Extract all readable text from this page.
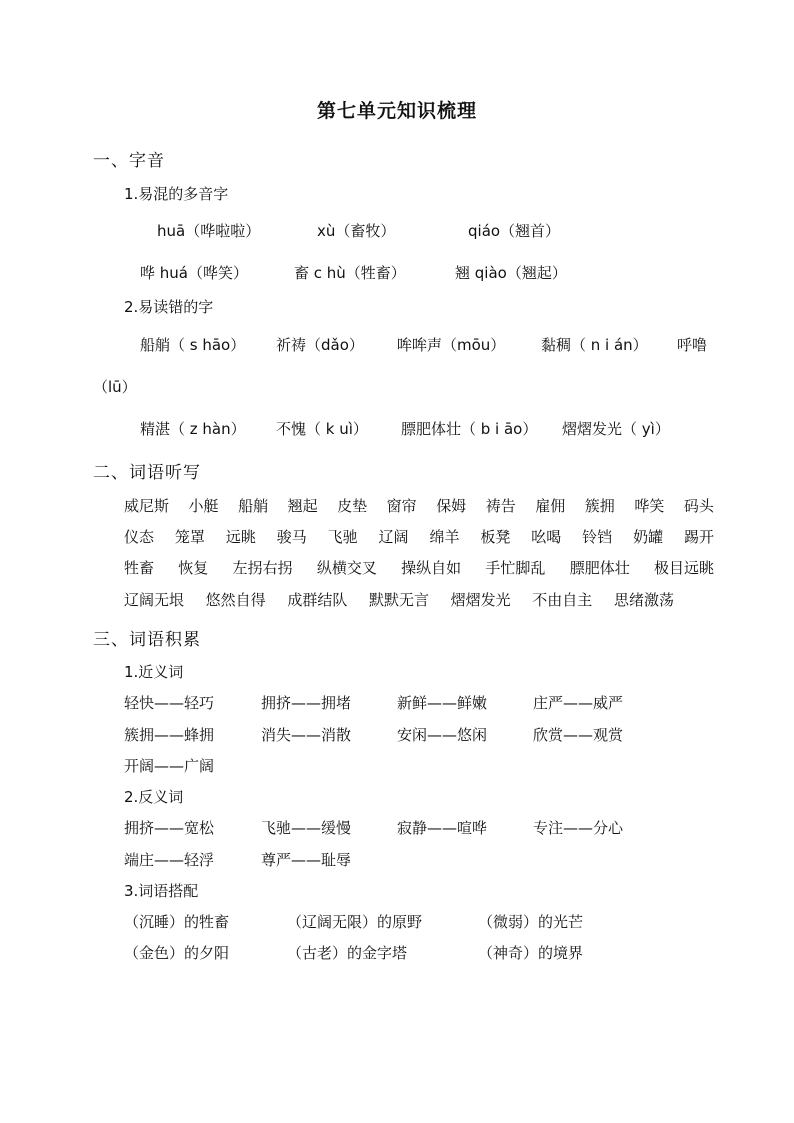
第七单元知识梳理
一、字音
1.易混的多音字
huā（哗啦啦）	xù（畜牧）	qiáo（翘首）
哗 huá（哗笑）	畜 c hù（牲畜）	翘 qiào（翘起）
2.易读错的字
船艄（ s hāo） 祈祷（dǎo） 哞哞声（mōu） 黏稠（ n i án） 呼噜
（lū）
精湛（ z hàn） 不愧（ k uì） 膘肥体壮（ b i āo） 熠熠发光（ yì）
二、词语听写
威尼斯 小艇 船艄 翘起 皮垫 窗帘 保姆 祷告 雇佣 簇拥 哗笑 码头
仪态 笼罩 远眺 骏马 飞驰 辽阔 绵羊 板凳 吆喝 铃铛 奶罐 踢开
牲畜 恢复 左拐右拐 纵横交叉 操纵自如 手忙脚乱 膘肥体壮 极目远眺
辽阔无垠 悠然自得 成群结队 默默无言 熠熠发光 不由自主 思绪激荡
三、词语积累
1.近义词
轻快——轻巧	拥挤——拥堵	新鲜——鲜嫩	庄严——威严
簇拥——蜂拥	消失——消散	安闲——悠闲	欣赏——观赏
开阔——广阔
2.反义词
拥挤——宽松	飞驰——缓慢	寂静——喧哗	专注——分心
端庄——轻浮	尊严——耻辱
3.词语搭配
（沉睡）的牲畜	（辽阔无限）的原野	（微弱）的光芒
（金色）的夕阳	（古老）的金字塔	（神奇）的境界
